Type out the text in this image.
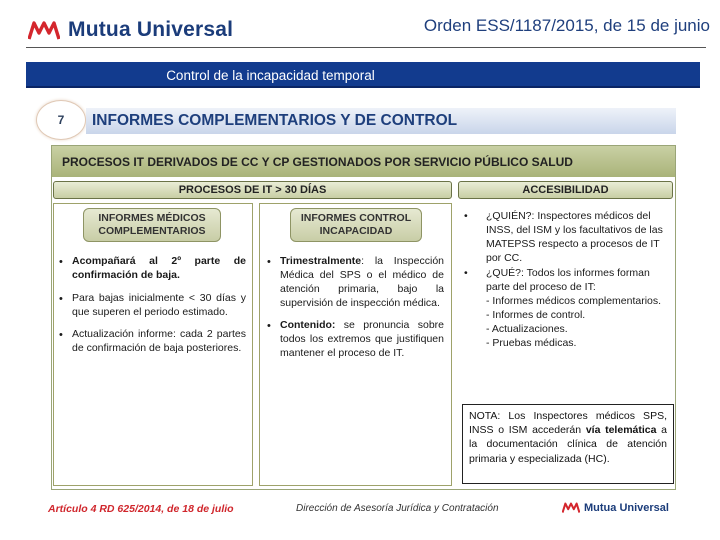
Mutua Universal	Orden ESS/1187/2015, de 15 de junio
Control de la incapacidad temporal
7	INFORMES COMPLEMENTARIOS Y DE CONTROL
PROCESOS IT DERIVADOS DE CC Y CP GESTIONADOS POR SERVICIO PÚBLICO SALUD
PROCESOS DE IT > 30 DÍAS	ACCESIBILIDAD
INFORMES MÉDICOS
COMPLEMENTARIOS
INFORMES CONTROL
INCAPACIDAD
• Acompañará al 2º parte de confirmación de baja.
• Para bajas inicialmente < 30 días y que superen el periodo estimado.
• Actualización informe: cada 2 partes de confirmación de baja posteriores.
• Trimestralmente: la Inspección Médica del SPS o el médico de atención primaria, bajo la supervisión de inspección médica.
• Contenido: se pronuncia sobre todos los extremos que justifiquen mantener el proceso de IT.
• ¿QUIÉN?: Inspectores médicos del INSS, del ISM y los facultativos de las MATEPSS respecto a procesos de IT por CC.
• ¿QUÉ?: Todos los informes forman parte del proceso de IT:
- Informes médicos complementarios.
- Informes de control.
- Actualizaciones.
- Pruebas médicas.
NOTA: Los Inspectores médicos SPS, INSS o ISM accederán vía telemática a la documentación clínica de atención primaria y especializada (HC).
Artículo 4 RD 625/2014, de 18 de julio	Dirección de Asesoría Jurídica y Contratación	Mutua Universal
